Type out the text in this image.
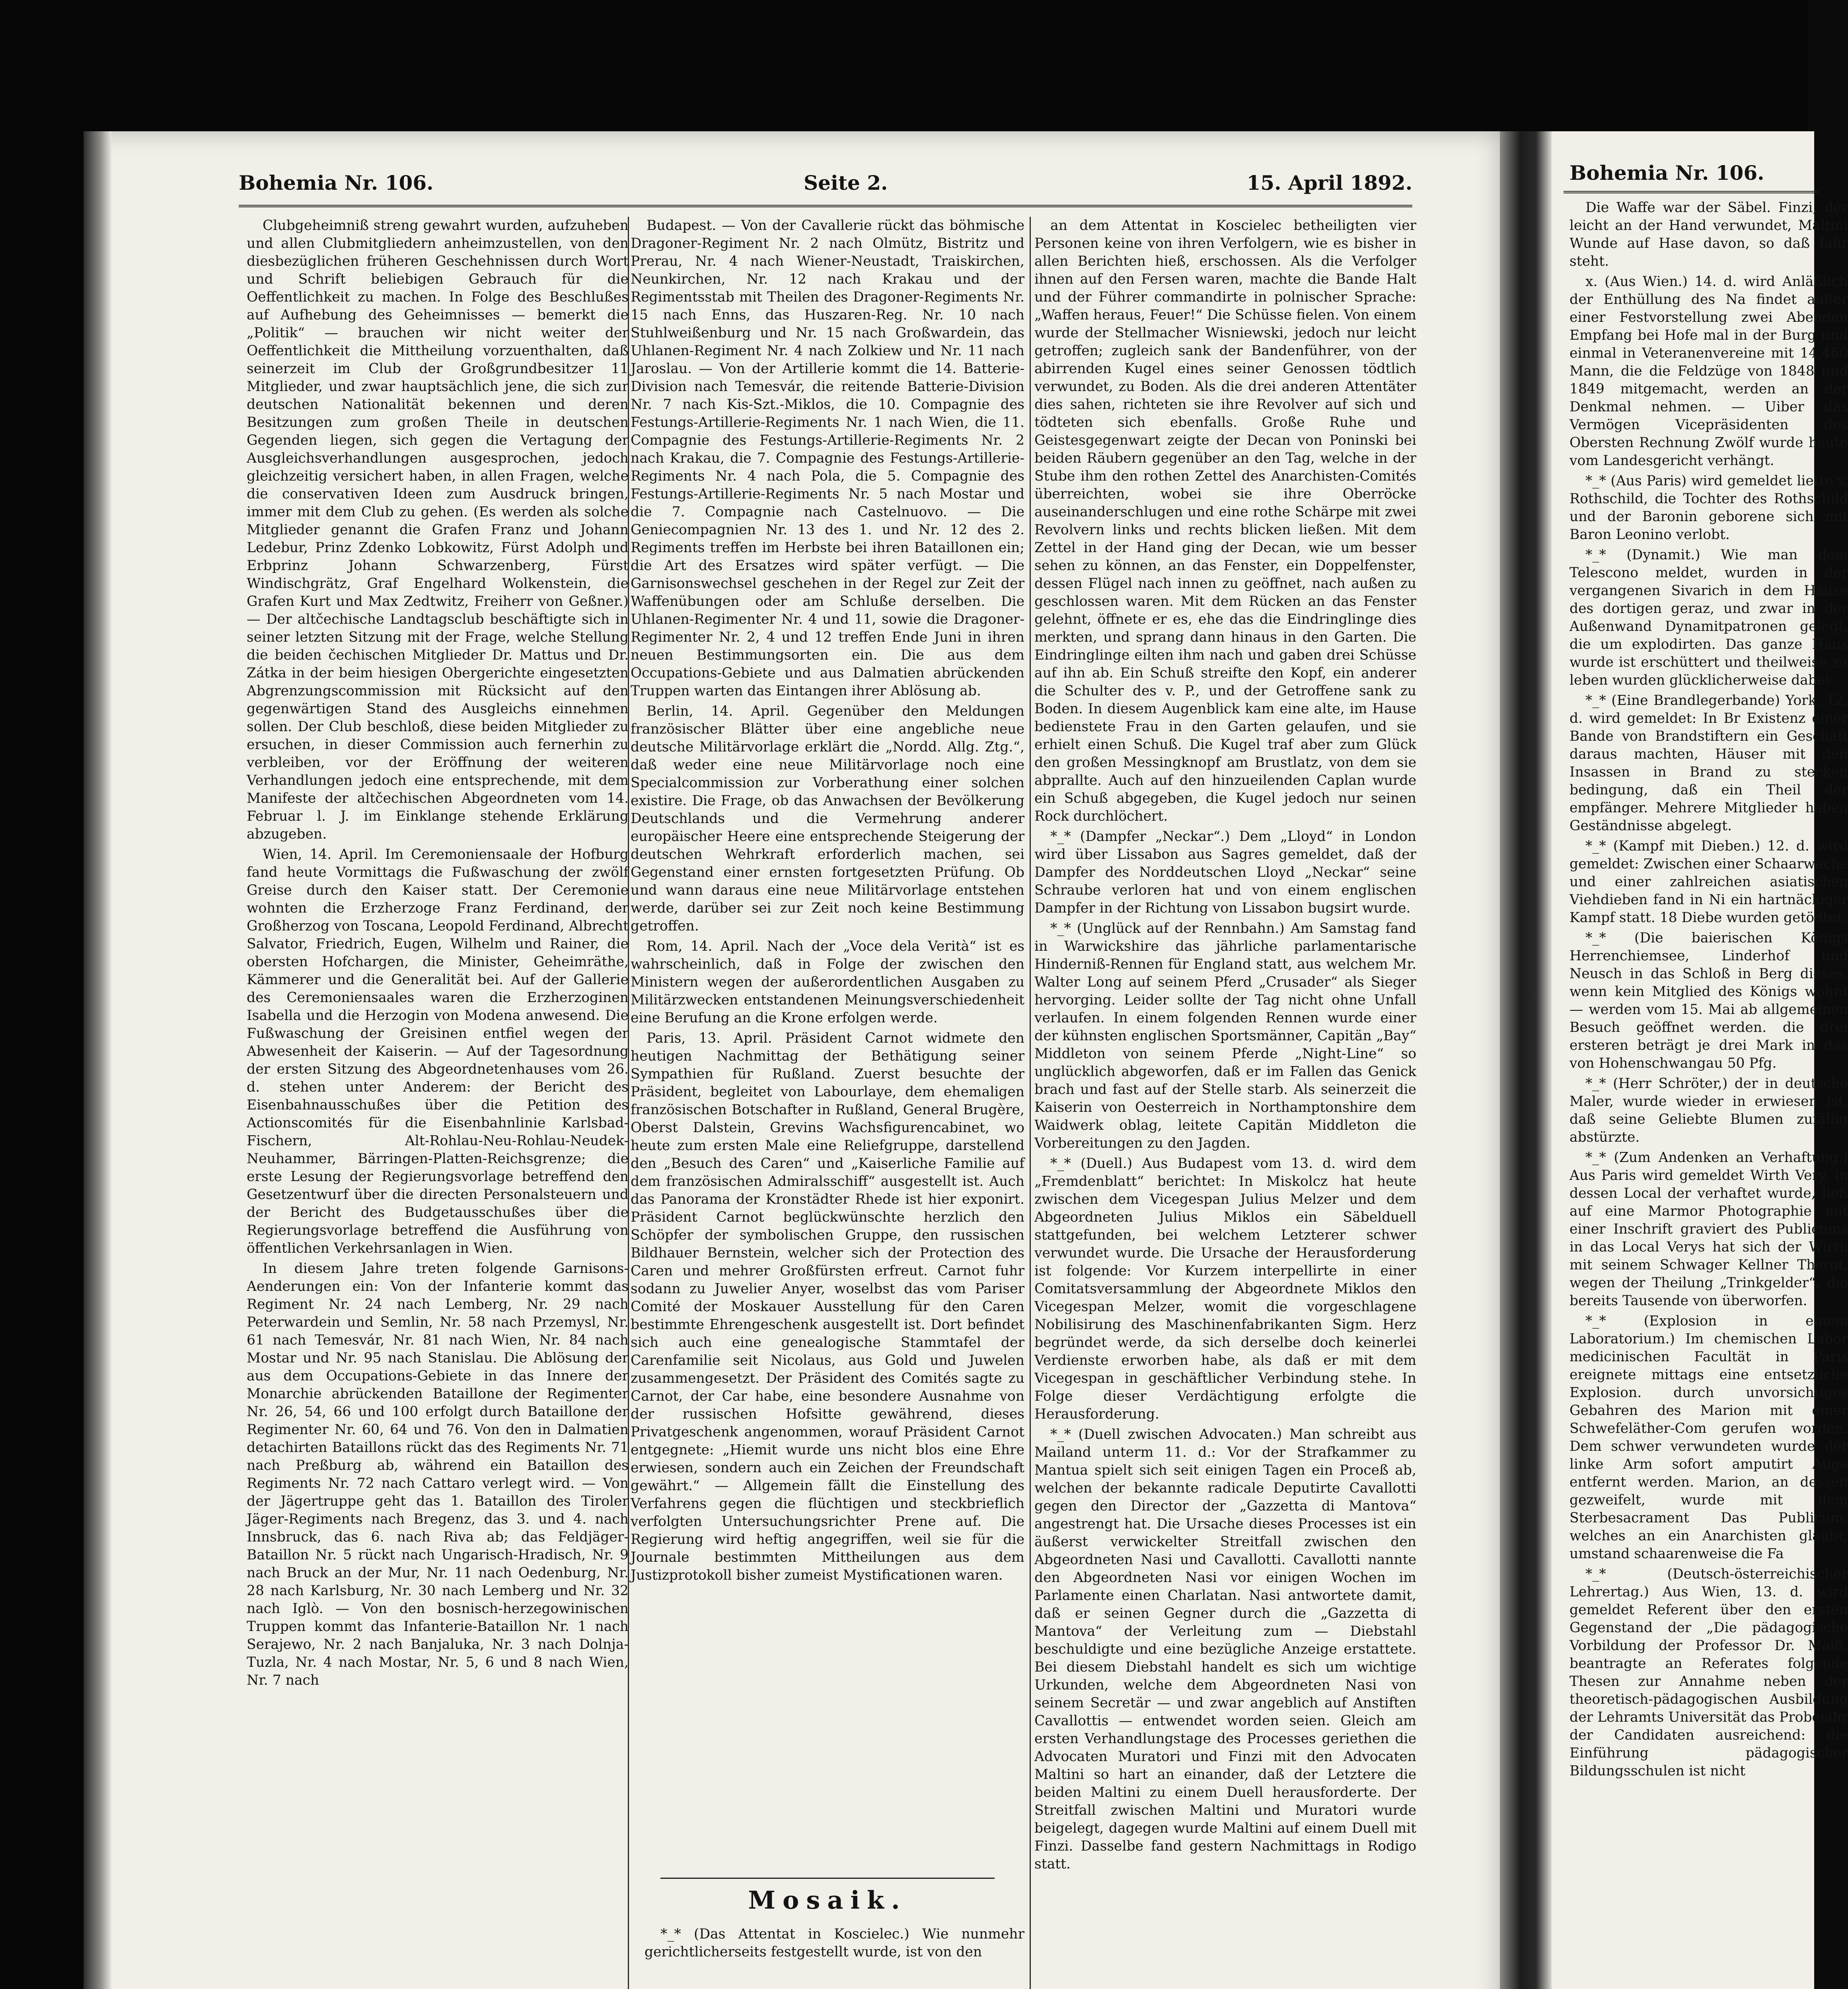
Bohemia Nr. 106.	Seite 2.	15. April 1892.	Bohemia Nr. 106.

Clubgeheimniß streng gewahrt wurden, aufzuheben und allen Clubmitgliedern anheimzustellen, von den diesbezüglichen früheren Geschehnissen durch Wort und Schrift beliebigen Gebrauch für die Oeffentlichkeit zu machen. In Folge des Beschlußes auf Aufhebung des Geheimnisses — bemerkt die „Politik“ — brauchen wir nicht weiter der Oeffentlichkeit die Mittheilung vorzuenthalten, daß seinerzeit im Club der Großgrundbesitzer 11 Mitglieder, und zwar hauptsächlich jene, die sich zur deutschen Nationalität bekennen und deren Besitzungen zum großen Theile in deutschen Gegenden liegen, sich gegen die Vertagung der Ausgleichsverhandlungen ausgesprochen, jedoch gleichzeitig versichert haben, in allen Fragen, welche die conservativen Ideen zum Ausdruck bringen, immer mit dem Club zu gehen. (Es werden als solche Mitglieder genannt die Grafen Franz und Johann Ledebur, Prinz Zdenko Lobkowitz, Fürst Adolph und Erbprinz Johann Schwarzenberg, Fürst Windischgrätz, Graf Engelhard Wolkenstein, die Grafen Kurt und Max Zedtwitz, Freiherr von Geßner.) — Der altčechische Landtagsclub beschäftigte sich in seiner letzten Sitzung mit der Frage, welche Stellung die beiden čechischen Mitglieder Dr. Mattus und Dr. Zátka in der beim hiesigen Obergerichte eingesetzten Abgrenzungscommission mit Rücksicht auf den gegenwärtigen Stand des Ausgleichs einnehmen sollen. Der Club beschloß, diese beiden Mitglieder zu ersuchen, in dieser Commission auch fernerhin zu verbleiben, vor der Eröffnung der weiteren Verhandlungen jedoch eine entsprechende, mit dem Manifeste der altčechischen Abgeordneten vom 14. Februar l. J. im Einklange stehende Erklärung abzugeben.

Wien, 14. April. Im Ceremoniensaale der Hofburg fand heute Vormittags die Fußwaschung der zwölf Greise durch den Kaiser statt. Der Ceremonie wohnten die Erzherzoge Franz Ferdinand, der Großherzog von Toscana, Leopold Ferdinand, Albrecht Salvator, Friedrich, Eugen, Wilhelm und Rainer, die obersten Hofchargen, die Minister, Geheimräthe, Kämmerer und die Generalität bei. Auf der Gallerie des Ceremoniensaales waren die Erzherzoginen Isabella und die Herzogin von Modena anwesend. Die Fußwaschung der Greisinen entfiel wegen der Abwesenheit der Kaiserin. — Auf der Tagesordnung der ersten Sitzung des Abgeordnetenhauses vom 26. d. stehen unter Anderem: der Bericht des Eisenbahnausschußes über die Petition des Actionscomités für die Eisenbahnlinie Karlsbad-Fischern, Alt-Rohlau-Neu-Rohlau-Neudek-Neuhammer, Bärringen-Platten-Reichsgrenze; die erste Lesung der Regierungsvorlage betreffend den Gesetzentwurf über die directen Personalsteuern und der Bericht des Budgetausschußes über die Regierungsvorlage betreffend die Ausführung von öffentlichen Verkehrsanlagen in Wien.

In diesem Jahre treten folgende Garnisons-Aenderungen ein: Von der Infanterie kommt das Regiment Nr. 24 nach Lemberg, Nr. 29 nach Peterwardein und Semlin, Nr. 58 nach Przemysl, Nr. 61 nach Temesvár, Nr. 81 nach Wien, Nr. 84 nach Mostar und Nr. 95 nach Stanislau. Die Ablösung der aus dem Occupations-Gebiete in das Innere der Monarchie abrückenden Bataillone der Regimenter Nr. 26, 54, 66 und 100 erfolgt durch Bataillone der Regimenter Nr. 60, 64 und 76. Von den in Dalmatien detachirten Bataillons rückt das des Regiments Nr. 71 nach Preßburg ab, während ein Bataillon des Regiments Nr. 72 nach Cattaro verlegt wird. — Von der Jägertruppe geht das 1. Bataillon des Tiroler Jäger-Regiments nach Bregenz, das 3. und 4. nach Innsbruck, das 6. nach Riva ab; das Feldjäger-Bataillon Nr. 5 rückt nach Ungarisch-Hradisch, Nr. 9 nach Bruck an der Mur, Nr. 11 nach Oedenburg, Nr. 28 nach Karlsburg, Nr. 30 nach Lemberg und Nr. 32 nach Iglò. — Von den bosnisch-herzegowinischen Truppen kommt das Infanterie-Bataillon Nr. 1 nach Serajewo, Nr. 2 nach Banjaluka, Nr. 3 nach Dolnja-Tuzla, Nr. 4 nach Mostar, Nr. 5, 6 und 8 nach Wien, Nr. 7 nach

Budapest. — Von der Cavallerie rückt das böhmische Dragoner-Regiment Nr. 2 nach Olmütz, Bistritz und Prerau, Nr. 4 nach Wiener-Neustadt, Traiskirchen, Neunkirchen, Nr. 12 nach Krakau und der Regimentsstab mit Theilen des Dragoner-Regiments Nr. 15 nach Enns, das Huszaren-Reg. Nr. 10 nach Stuhlweißenburg und Nr. 15 nach Großwardein, das Uhlanen-Regiment Nr. 4 nach Zolkiew und Nr. 11 nach Jaroslau. — Von der Artillerie kommt die 14. Batterie-Division nach Temesvár, die reitende Batterie-Division Nr. 7 nach Kis-Szt.-Miklos, die 10. Compagnie des Festungs-Artillerie-Regiments Nr. 1 nach Wien, die 11. Compagnie des Festungs-Artillerie-Regiments Nr. 2 nach Krakau, die 7. Compagnie des Festungs-Artillerie-Regiments Nr. 4 nach Pola, die 5. Compagnie des Festungs-Artillerie-Regiments Nr. 5 nach Mostar und die 7. Compagnie nach Castelnuovo. — Die Geniecompagnien Nr. 13 des 1. und Nr. 12 des 2. Regiments treffen im Herbste bei ihren Bataillonen ein; die Art des Ersatzes wird später verfügt. — Die Garnisonswechsel geschehen in der Regel zur Zeit der Waffenübungen oder am Schluße derselben. Die Uhlanen-Regimenter Nr. 4 und 11, sowie die Dragoner-Regimenter Nr. 2, 4 und 12 treffen Ende Juni in ihren neuen Bestimmungsorten ein. Die aus dem Occupations-Gebiete und aus Dalmatien abrückenden Truppen warten das Eintangen ihrer Ablösung ab.

Berlin, 14. April. Gegenüber den Meldungen französischer Blätter über eine angebliche neue deutsche Militärvorlage erklärt die „Nordd. Allg. Ztg.“, daß weder eine neue Militärvorlage noch eine Specialcommission zur Vorberathung einer solchen existire. Die Frage, ob das Anwachsen der Bevölkerung Deutschlands und die Vermehrung anderer europäischer Heere eine entsprechende Steigerung der deutschen Wehrkraft erforderlich machen, sei Gegenstand einer ernsten fortgesetzten Prüfung. Ob und wann daraus eine neue Militärvorlage entstehen werde, darüber sei zur Zeit noch keine Bestimmung getroffen.

Rom, 14. April. Nach der „Voce dela Verità“ ist es wahrscheinlich, daß in Folge der zwischen den Ministern wegen der außerordentlichen Ausgaben zu Militärzwecken entstandenen Meinungsverschiedenheit eine Berufung an die Krone erfolgen werde.

Paris, 13. April. Präsident Carnot widmete den heutigen Nachmittag der Bethätigung seiner Sympathien für Rußland. Zuerst besuchte der Präsident, begleitet von Labourlaye, dem ehemaligen französischen Botschafter in Rußland, General Brugère, Oberst Dalstein, Grevins Wachsfigurencabinet, wo heute zum ersten Male eine Reliefgruppe, darstellend den „Besuch des Caren“ und „Kaiserliche Familie auf dem französischen Admiralsschiff“ ausgestellt ist. Auch das Panorama der Kronstädter Rhede ist hier exponirt. Präsident Carnot beglückwünschte herzlich den Schöpfer der symbolischen Gruppe, den russischen Bildhauer Bernstein, welcher sich der Protection des Caren und mehrer Großfürsten erfreut. Carnot fuhr sodann zu Juwelier Anyer, woselbst das vom Pariser Comité der Moskauer Ausstellung für den Caren bestimmte Ehrengeschenk ausgestellt ist. Dort befindet sich auch eine genealogische Stammtafel der Carenfamilie seit Nicolaus, aus Gold und Juwelen zusammengesetzt. Der Präsident des Comités sagte zu Carnot, der Car habe, eine besondere Ausnahme von der russischen Hofsitte gewährend, dieses Privatgeschenk angenommen, worauf Präsident Carnot entgegnete: „Hiemit wurde uns nicht blos eine Ehre erwiesen, sondern auch ein Zeichen der Freundschaft gewährt.“ — Allgemein fällt die Einstellung des Verfahrens gegen die flüchtigen und steckbrieflich verfolgten Untersuchungsrichter Prene auf. Die Regierung wird heftig angegriffen, weil sie für die Journale bestimmten Mittheilungen aus dem Justizprotokoll bisher zumeist Mystificationen waren.

Mosaik.

*_* (Das Attentat in Koscielec.) Wie nunmehr gerichtlicherseits festgestellt wurde, ist von den

an dem Attentat in Koscielec betheiligten vier Personen keine von ihren Verfolgern, wie es bisher in allen Berichten hieß, erschossen. Als die Verfolger ihnen auf den Fersen waren, machte die Bande Halt und der Führer commandirte in polnischer Sprache: „Waffen heraus, Feuer!“ Die Schüsse fielen. Von einem wurde der Stellmacher Wisniewski, jedoch nur leicht getroffen; zugleich sank der Bandenführer, von der abirrenden Kugel eines seiner Genossen tödtlich verwundet, zu Boden. Als die drei anderen Attentäter dies sahen, richteten sie ihre Revolver auf sich und tödteten sich ebenfalls. Große Ruhe und Geistesgegenwart zeigte der Decan von Poninski bei beiden Räubern gegenüber an den Tag, welche in der Stube ihm den rothen Zettel des Anarchisten-Comités überreichten, wobei sie ihre Oberröcke auseinanderschlugen und eine rothe Schärpe mit zwei Revolvern links und rechts blicken ließen. Mit dem Zettel in der Hand ging der Decan, wie um besser sehen zu können, an das Fenster, ein Doppelfenster, dessen Flügel nach innen zu geöffnet, nach außen zu geschlossen waren. Mit dem Rücken an das Fenster gelehnt, öffnete er es, ehe das die Eindringlinge dies merkten, und sprang dann hinaus in den Garten. Die Eindringlinge eilten ihm nach und gaben drei Schüsse auf ihn ab. Ein Schuß streifte den Kopf, ein anderer die Schulter des v. P., und der Getroffene sank zu Boden. In diesem Augenblick kam eine alte, im Hause bedienstete Frau in den Garten gelaufen, und sie erhielt einen Schuß. Die Kugel traf aber zum Glück den großen Messingknopf am Brustlatz, von dem sie abprallte. Auch auf den hinzueilenden Caplan wurde ein Schuß abgegeben, die Kugel jedoch nur seinen Rock durchlöchert.

*_* (Dampfer „Neckar“.) Dem „Lloyd“ in London wird über Lissabon aus Sagres gemeldet, daß der Dampfer des Norddeutschen Lloyd „Neckar“ seine Schraube verloren hat und von einem englischen Dampfer in der Richtung von Lissabon bugsirt wurde.

*_* (Unglück auf der Rennbahn.) Am Samstag fand in Warwickshire das jährliche parlamentarische Hinderniß-Rennen für England statt, aus welchem Mr. Walter Long auf seinem Pferd „Crusader“ als Sieger hervorging. Leider sollte der Tag nicht ohne Unfall verlaufen. In einem folgenden Rennen wurde einer der kühnsten englischen Sportsmänner, Capitän „Bay“ Middleton von seinem Pferde „Night-Line“ so unglücklich abgeworfen, daß er im Fallen das Genick brach und fast auf der Stelle starb. Als seinerzeit die Kaiserin von Oesterreich in Northamptonshire dem Waidwerk oblag, leitete Capitän Middleton die Vorbereitungen zu den Jagden.

*_* (Duell.) Aus Budapest vom 13. d. wird dem „Fremdenblatt“ berichtet: In Miskolcz hat heute zwischen dem Vicegespan Julius Melzer und dem Abgeordneten Julius Miklos ein Säbelduell stattgefunden, bei welchem Letzterer schwer verwundet wurde. Die Ursache der Herausforderung ist folgende: Vor Kurzem interpellirte in einer Comitatsversammlung der Abgeordnete Miklos den Vicegespan Melzer, womit die vorgeschlagene Nobilisirung des Maschinenfabrikanten Sigm. Herz begründet werde, da sich derselbe doch keinerlei Verdienste erworben habe, als daß er mit dem Vicegespan in geschäftlicher Verbindung stehe. In Folge dieser Verdächtigung erfolgte die Herausforderung.

*_* (Duell zwischen Advocaten.) Man schreibt aus Mailand unterm 11. d.: Vor der Strafkammer zu Mantua spielt sich seit einigen Tagen ein Proceß ab, welchen der bekannte radicale Deputirte Cavallotti gegen den Director der „Gazzetta di Mantova“ angestrengt hat. Die Ursache dieses Processes ist ein äußerst verwickelter Streitfall zwischen den Abgeordneten Nasi und Cavallotti. Cavallotti nannte den Abgeordneten Nasi vor einigen Wochen im Parlamente einen Charlatan. Nasi antwortete damit, daß er seinen Gegner durch die „Gazzetta di Mantova“ der Verleitung zum — Diebstahl beschuldigte und eine bezügliche Anzeige erstattete. Bei diesem Diebstahl handelt es sich um wichtige Urkunden, welche dem Abgeordneten Nasi von seinem Secretär — und zwar angeblich auf Anstiften Cavallottis — entwendet worden seien. Gleich am ersten Verhandlungstage des Processes geriethen die Advocaten Muratori und Finzi mit den Advocaten Maltini so hart an einander, daß der Letztere die beiden Maltini zu einem Duell herausforderte. Der Streitfall zwischen Maltini und Muratori wurde beigelegt, dagegen wurde Maltini auf einem Duell mit Finzi. Dasselbe fand gestern Nachmittags in Rodigo statt.

Die Waffe war der Säbel. Finzi, der leicht an der Hand verwundet, Maltini Wunde auf Hase davon, so daß fahr steht.

x. (Aus Wien.) 14. d. wird Anläßlich der Enthüllung des Na findet außer einer Festvorstellung zwei Abenden Empfang bei Hofe mal in der Burg und einmal in Veteranenvereine mit 14.460 Mann, die die Feldzüge von 1848 und 1849 mitgemacht, werden an der Denkmal nehmen. — Uiber das Vermögen Vicepräsidenten des Obersten Rechnung Zwölf wurde heute vom Landesgericht verhängt.

*_* (Aus Paris) wird gemeldet liette v. Rothschild, die Tochter des Rothschild und der Baronin geborene sich mit Baron Leonino verlobt.

*_* (Dynamit.) Wie man dem Telescono meldet, wurden in der vergangenen Sivarich in dem Hause des dortigen geraz, und zwar in der Außenwand Dynamitpatronen gelegt, die um explodirten. Das ganze Haus wurde ist erschüttert und theilweise zu leben wurden glücklicherweise dabei

*_* (Eine Brandlegerbande) York, 12. d. wird gemeldet: In Br Existenz einer Bande von Brandstiftern ein Geschäft daraus machten, Häuser mit den Insassen in Brand zu stecken bedingung, daß ein Theil der empfänger. Mehrere Mitglieder haben Geständnisse abgelegt.

*_* (Kampf mit Dieben.) 12. d. wird gemeldet: Zwischen einer Schaarwache und einer zahlreichen asiatischen Viehdieben fand in Ni ein hartnäckiger Kampf statt. 18 Diebe wurden getödtet.

*_* (Die baierischen Königs Herrenchiemsee, Linderhof und Neusch in das Schloß in Berg dieses, wenn kein Mitglied des Königs wohnt — werden vom 15. Mai ab allgemeinen Besuch geöffnet werden. die drei ersteren beträgt je drei Mark in das von Hohenschwangau 50 Pfg.

*_* (Herr Schröter,) der in deutsche Maler, wurde wieder in erwiesen ist, daß seine Geliebte Blumen zufällig abstürzte.

*_* (Zum Andenken an Verhaftung.) Aus Paris wird gemeldet Wirth Very, in dessen Local der verhaftet wurde, ließ auf eine Marmor Photographie mit einer Inschrift graviert des Publicums in das Local Verys hat sich der Wirth mit seinem Schwager Kellner Therot, wegen der Theilung „Trinkgelder“, die bereits Tausende von überworfen.

*_* (Explosion in einem Laboratorium.) Im chemischen Labor medicinischen Facultät in Paris ereignete mittags eine entsetzliche Explosion. durch unvorsichtiges Gebahren des Marion mit einer Schwefeläther-Com gerufen worden. Dem schwer verwundeten wurde der linke Arm sofort amputirt Auge entfernt werden. Marion, an dessen gezweifelt, wurde mit dem Sterbesacrament Das Publicum, welches an ein Anarchisten glaubt, umstand schaarenweise die Fa

*_* (Deutsch-österreichischer Lehrertag.) Aus Wien, 13. d. wird gemeldet Referent über den ersten Gegenstand der „Die pädagogische Vorbildung der Professor Dr. Maiß, beantragte an Referates folgende Thesen zur Annahme neben der theoretisch-pädagogischen Ausbildung der Lehramts Universität das Probejahr der Candidaten ausreichend: die Einführung pädagogischer Bildungsschulen ist nicht
